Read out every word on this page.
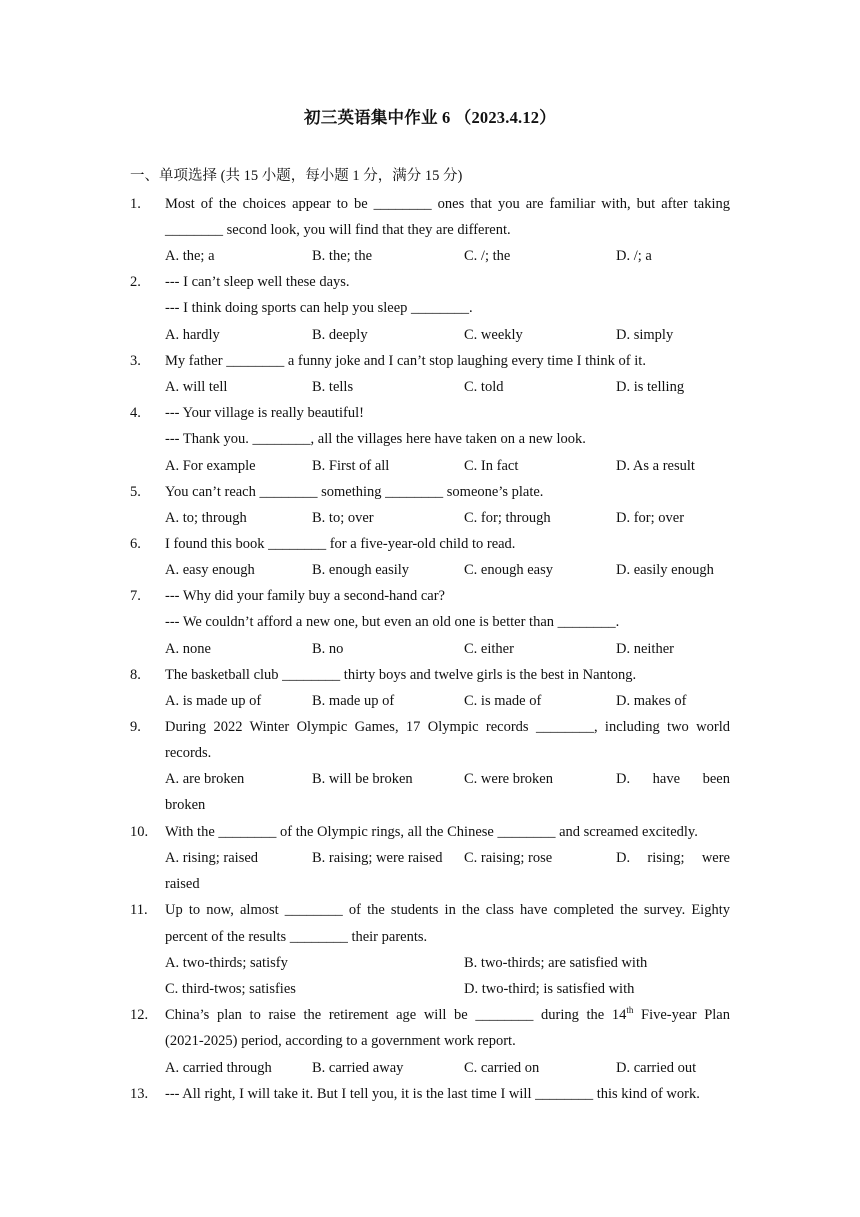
初三英语集中作业 6 （2023.4.12）
一、单项选择 (共 15 小题，每小题 1 分，满分 15 分)
1. Most of the choices appear to be ________ ones that you are familiar with, but after taking
________ second look, you will find that they are different.
A. the; a	B. the; the	C. /; the	D. /; a
2. --- I can’t sleep well these days.
--- I think doing sports can help you sleep ________.
A. hardly	B. deeply	C. weekly	D. simply
3. My father ________ a funny joke and I can’t stop laughing every time I think of it.
A. will tell	B. tells	C. told	D. is telling
4. --- Your village is really beautiful!
--- Thank you. ________, all the villages here have taken on a new look.
A. For example	B. First of all	C. In fact	D. As a result
5. You can’t reach ________ something ________ someone’s plate.
A. to; through	B. to; over	C. for; through	D. for; over
6. I found this book ________ for a five-year-old child to read.
A. easy enough	B. enough easily	C. enough easy	D. easily enough
7. --- Why did your family buy a second-hand car?
--- We couldn’t afford a new one, but even an old one is better than ________.
A. none	B. no	C. either	D. neither
8. The basketball club ________ thirty boys and twelve girls is the best in Nantong.
A. is made up of	B. made up of	C. is made of	D. makes of
9. During 2022 Winter Olympic Games, 17 Olympic records ________, including two world
records.
A. are broken	B. will be broken	C. were broken	D. have been
broken
10. With the ________ of the Olympic rings, all the Chinese ________ and screamed excitedly.
A. rising; raised	B. raising; were raised C. raising; rose	D. rising; were
raised
11. Up to now, almost ________ of the students in the class have completed the survey. Eighty
percent of the results ________ their parents.
A. two-thirds; satisfy	B. two-thirds; are satisfied with
C. third-twos; satisfies	D. two-third; is satisfied with
12. China’s plan to raise the retirement age will be ________ during the 14th Five-year Plan
(2021-2025) period, according to a government work report.
A. carried through	B. carried away	C. carried on	D. carried out
13. --- All right, I will take it. But I tell you, it is the last time I will ________ this kind of work.
